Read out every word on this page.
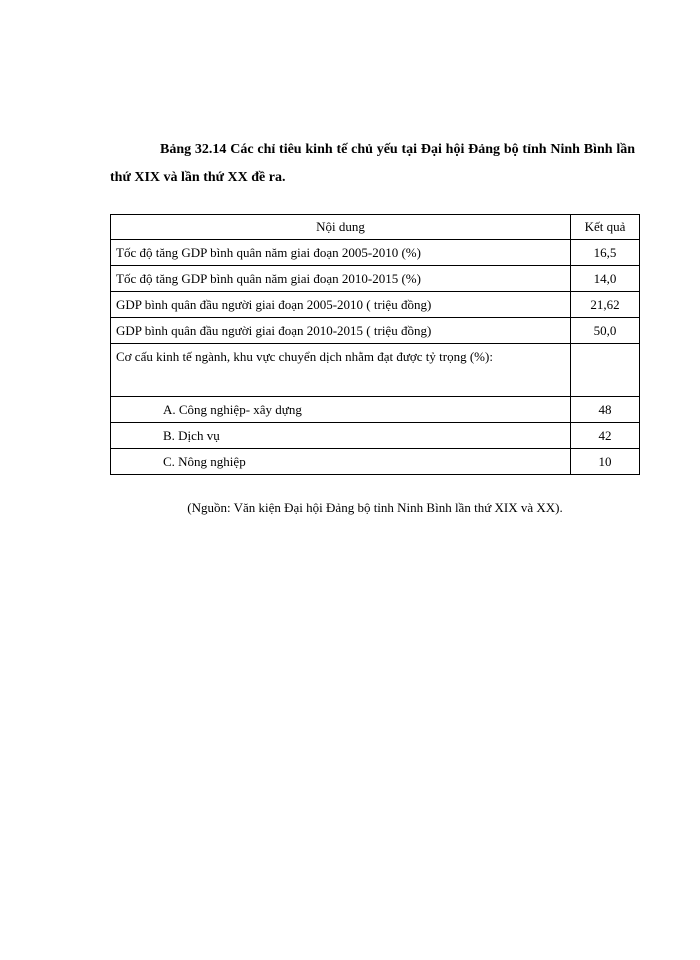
Bảng 32.14 Các chỉ tiêu kinh tế chủ yếu tại Đại hội Đảng bộ tỉnh Ninh Bình lần thứ XIX và lần thứ XX đề ra.
Nội dung	Kết quả
Tốc độ tăng GDP bình quân năm giai đoạn 2005-2010 (%)	16,5
Tốc độ tăng GDP bình quân năm giai đoạn 2010-2015 (%)	14,0
GDP bình quân đầu người giai đoạn 2005-2010 ( triệu đồng)	21,62
GDP bình quân đầu người giai đoạn 2010-2015 ( triệu đồng)	50,0
Cơ cấu kinh tế ngành, khu vực chuyển dịch nhằm đạt được tỷ trọng (%):	
A. Công nghiệp- xây dựng	48
B. Dịch vụ	42
C. Nông nghiệp	10
(Nguồn: Văn kiện Đại hội Đảng bộ tỉnh Ninh Bình lần thứ XIX và XX).
